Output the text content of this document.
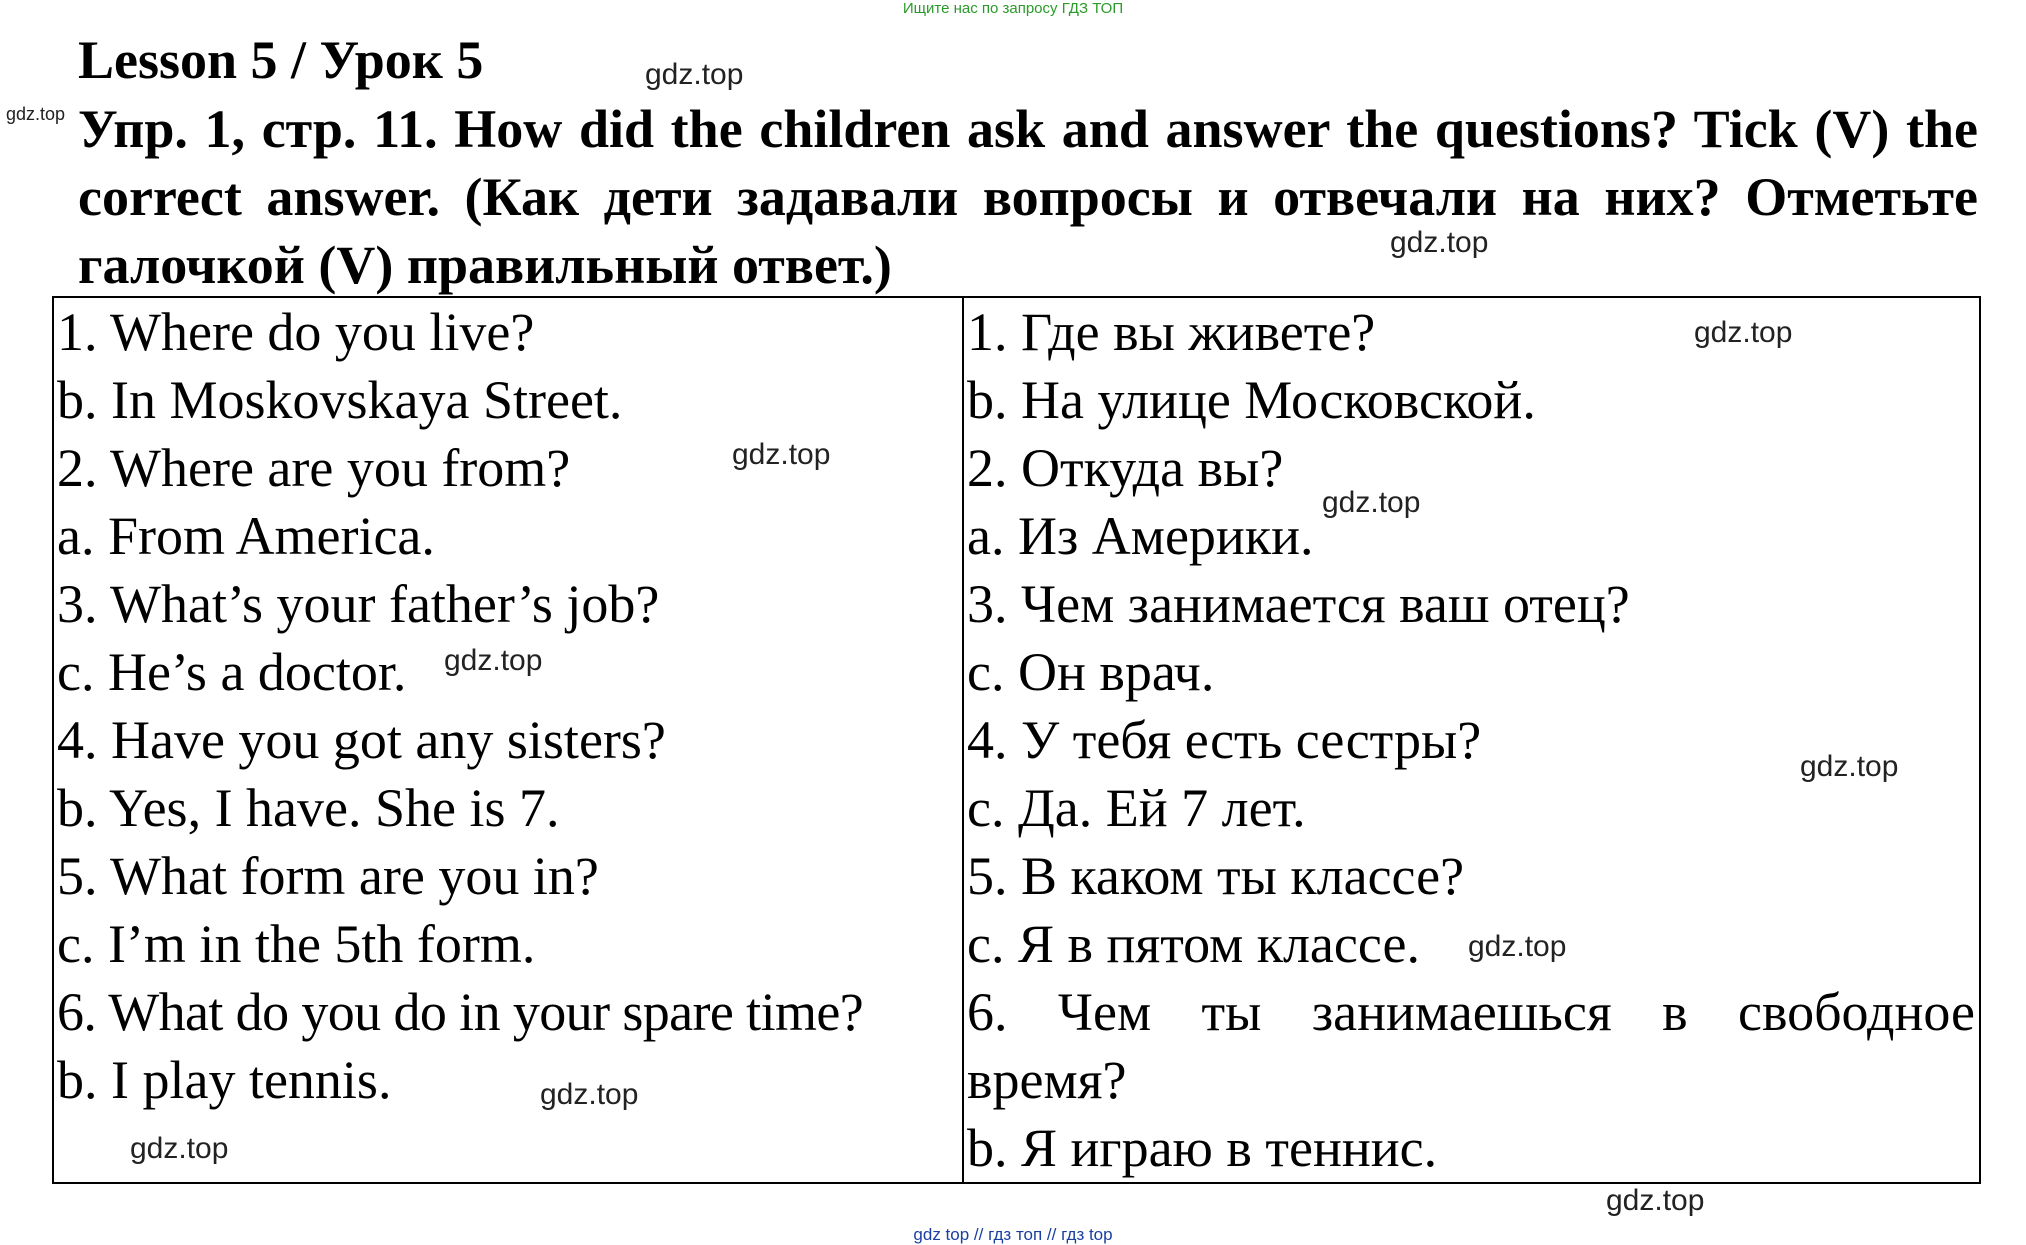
Ищите нас по запросу ГДЗ ТОП
Lesson 5 / Урок 5
Упр. 1, стр. 11. How did the children ask and answer the questions? Tick (V) the correct answer. (Как дети задавали вопросы и отвечали на них? Отметьте галочкой (V) правильный ответ.)
gdz.top
gdz.top
gdz.top
gdz.top
gdz.top
gdz.top
gdz.top
gdz.top
gdz.top
gdz.top
gdz.top
gdz.top
1. Where do you live?
b. In Moskovskaya Street.
2. Where are you from?
a. From America.
3. What’s your father’s job?
c. He’s a doctor.
4. Have you got any sisters?
b. Yes, I have. She is 7.
5. What form are you in?
c. I’m in the 5th form.
6. What do you do in your spare time?
b. I play tennis.

1. Где вы живете?
b. На улице Московской.
2. Откуда вы?
a. Из Америки.
3. Чем занимается ваш отец?
c. Он врач.
4. У тебя есть сестры?
c. Да. Ей 7 лет.
5. В каком ты классе?
c. Я в пятом классе.
6. Чем ты занимаешься в свободное
время?
b. Я играю в теннис.
gdz top // гдз топ // гдз top
